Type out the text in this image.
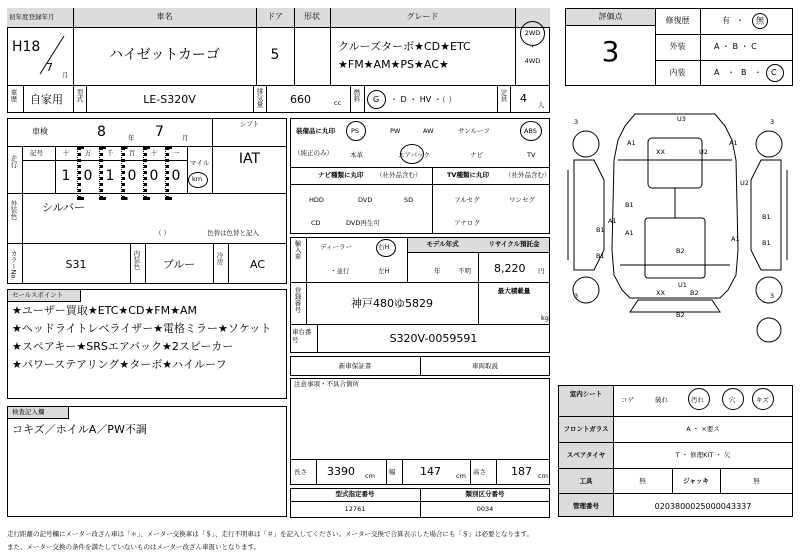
初年度登録年月	車名	ドア	形状	グレード
H18
7
月
ハイゼットカーゴ	5
クルーズターボ★CD★ETC
★FM★AM★PS★AC★
2WD
・
4WD
評価点
3
修復歴	有 ・ 無
外装	A ・ B ・ C
内装	A ・ B ・ C
車歴 自家用 型式	LE-S320V	排気量 660	cc
燃料 G ・ D ・ HV ・（ ）	定員 4 人
車検	8	年 7	月
シフト
IAT
走行
記号	十	万	千	百	十	一
1 0 1 0 0 0
マイル
km
外装色 シルバー
（ ）	色替は色替と記入
カラーNo.	S31	内装色	ブルー	冷房	AC
装備品に丸印
（純正のみ）
PS	PW	AW	サンルーフ	ABS
本革	エアバック	ナビ	TV
ナビ種類に丸印 （社外品含む）	TV種類に丸印 （社外品含む）
HDD	DVD	SD
CD	DVD再生可
フルセグ	ワンセグ
アナログ
輸入車	ディーラー
・並行
右H
左H
モデル年式
年	不明
リサイクル預託金
8,220 円
登録番号	神戸480ゆ5829
最大積載量
kg
車台番号	S320V-0059591
新車保証書	車両取説
注意事項・不具合箇所
セールスポイント
★ユーザー買取★ETC★CD★FM★AM
★ヘッドライトレベライザー★電格ミラー★ソケット
★スペアキー★SRSエアバック★2スピーカー
★パワーステアリング★ターボ★ハイルーフ
検査記入欄
コキズ／ホイルA／PW不調
長さ 3390 cm 幅 147 cm 高さ 187 cm
型式指定番号
12761
類別区分番号
0034
3	3
3	3
U3
A1
XX	U2
A1
U2
B1
A1
A1
B1
B1
A1
B1
B1
B2
U1
XX	B2
B2
室内シート
コゲ	破れ	汚れ	穴	キズ
フロントガラス	A ・ ×要ス
スペアタイヤ	T ・ 修理KIT ・ 欠
工具	無	ジャッキ	無
管理番号	0203800025000043337
走行距離の記号欄にメーター改ざん車は「＊」、メーター交換車は「＄」、走行不明車は「＃」を記入してください。メーター交換で合算表示した場合にも「＄」は必要となります。
また、メーター交換の条件を満たしていないものはメーター改ざん車扱いとなります。
